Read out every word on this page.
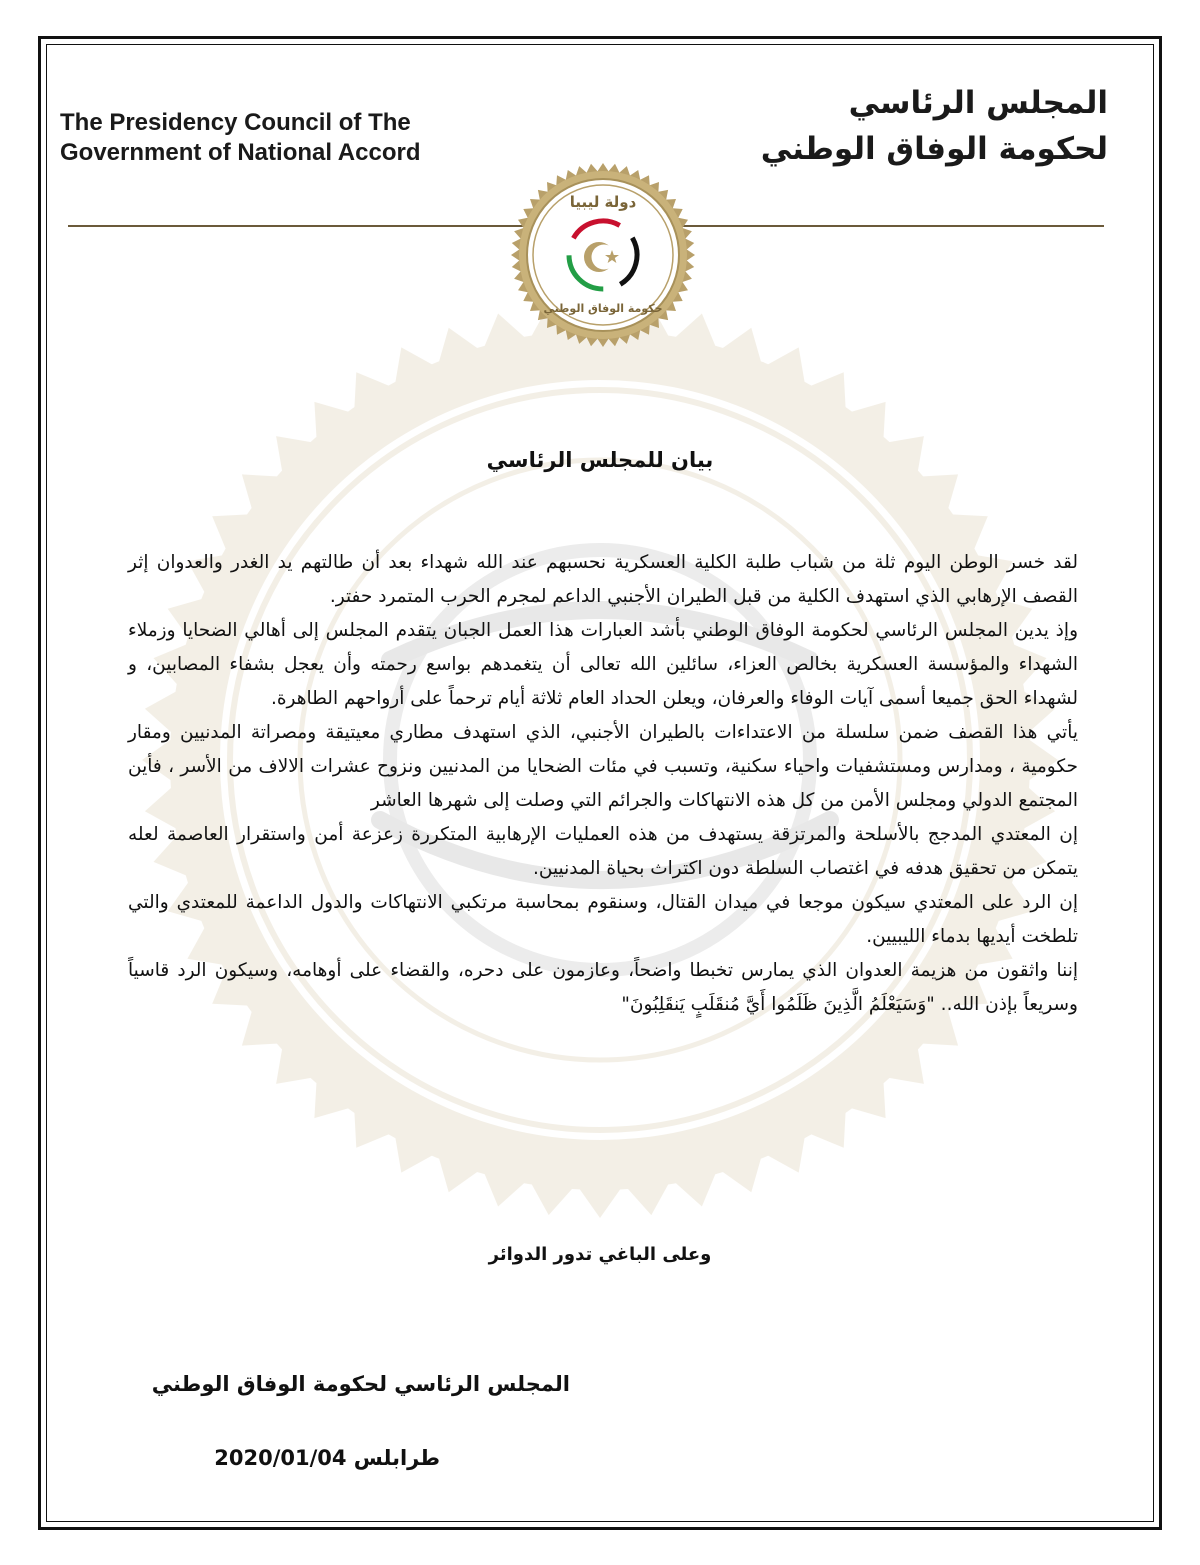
The Presidency Council of The
Government of National Accord
المجلس الرئاسي
لحكومة الوفاق الوطني
دولة ليبيا
حكومة الوفاق الوطني
بيان للمجلس الرئاسي

لقد خسر الوطن اليوم ثلة من شباب طلبة الكلية العسكرية نحسبهم عند الله شهداء بعد أن طالتهم يد الغدر والعدوان إثر القصف الإرهابي الذي استهدف الكلية من قبل الطيران الأجنبي الداعم لمجرم الحرب المتمرد حفتر.

وإذ يدين المجلس الرئاسي لحكومة الوفاق الوطني بأشد العبارات هذا العمل الجبان يتقدم المجلس إلى أهالي الضحايا وزملاء الشهداء والمؤسسة العسكرية بخالص العزاء، سائلين الله تعالى أن يتغمدهم بواسع رحمته وأن يعجل بشفاء المصابين، و لشهداء الحق جميعا أسمى آيات الوفاء والعرفان، ويعلن الحداد العام ثلاثة أيام ترحماً على أرواحهم الطاهرة.

يأتي هذا القصف ضمن سلسلة من الاعتداءات بالطيران الأجنبي، الذي استهدف مطاري معيتيقة ومصراتة المدنيين ومقار حكومية ، ومدارس ومستشفيات واحياء سكنية، وتسبب في مئات الضحايا من المدنيين ونزوح عشرات الالاف من الأسر ، فأين المجتمع الدولي ومجلس الأمن من كل هذه الانتهاكات والجرائم التي وصلت إلى شهرها العاشر

إن المعتدي المدجج بالأسلحة والمرتزقة يستهدف من هذه العمليات الإرهابية المتكررة زعزعة أمن واستقرار العاصمة لعله يتمكن من تحقيق هدفه في اغتصاب السلطة دون اكتراث بحياة المدنيين.

إن الرد على المعتدي سيكون موجعا في ميدان القتال، وسنقوم بمحاسبة مرتكبي الانتهاكات والدول الداعمة للمعتدي والتي تلطخت أيديها بدماء الليبيين.

إننا واثقون من هزيمة العدوان الذي يمارس تخبطا واضحاً، وعازمون على دحره، والقضاء على أوهامه، وسيكون الرد قاسياً وسريعاً بإذن الله.. "وَسَيَعْلَمُ الَّذِينَ ظَلَمُوا أَيَّ مُنقَلَبٍ يَنقَلِبُونَ"

وعلى الباغي تدور الدوائر
المجلس الرئاسي لحكومة الوفاق الوطني
طرابلس 2020/01/04
